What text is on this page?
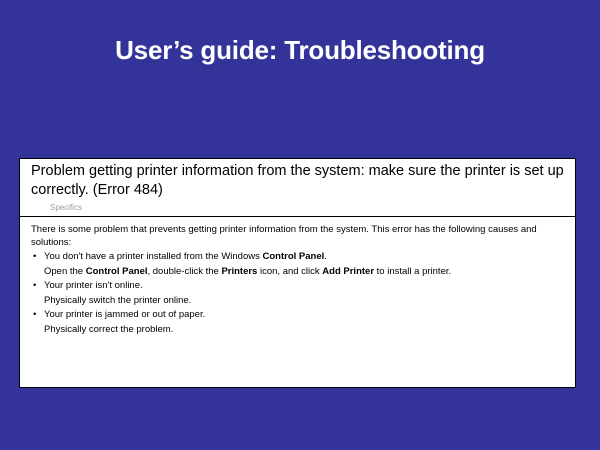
User’s guide: Troubleshooting

Problem getting printer information from the system: make sure the printer is set up correctly. (Error 484)

Specifics

There is some problem that prevents getting printer information from the system. This error has the following causes and solutions:

• You don't have a printer installed from the Windows Control Panel.
Open the Control Panel, double-click the Printers icon, and click Add Printer to install a printer.
• Your printer isn't online.
Physically switch the printer online.
• Your printer is jammed or out of paper.
Physically correct the problem.
